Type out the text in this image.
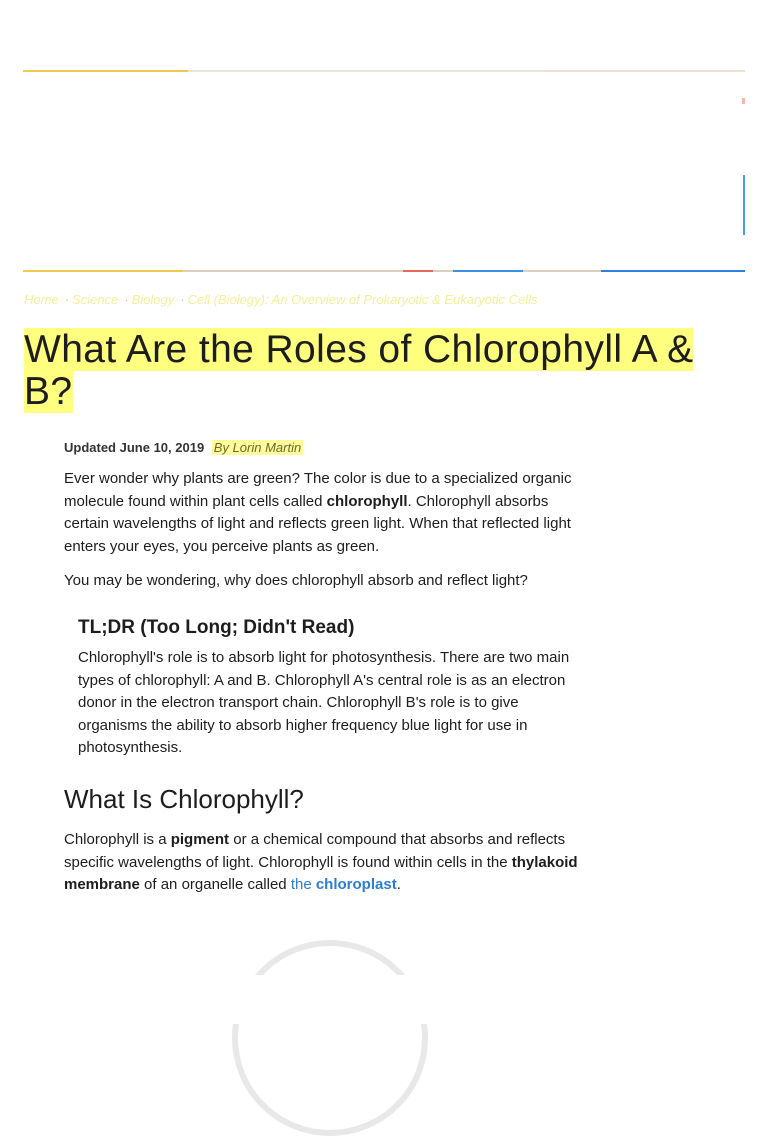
Home · Science · Biology · Cell (Biology): An Overview of Prokaryotic & Eukaryotic Cells
What Are the Roles of Chlorophyll A & B?
Updated June 10, 2019 By Lorin Martin

Ever wonder why plants are green? The color is due to a specialized organic molecule found within plant cells called chlorophyll. Chlorophyll absorbs certain wavelengths of light and reflects green light. When that reflected light enters your eyes, you perceive plants as green.

You may be wondering, why does chlorophyll absorb and reflect light?

TL;DR (Too Long; Didn't Read)

Chlorophyll's role is to absorb light for photosynthesis. There are two main types of chlorophyll: A and B. Chlorophyll A's central role is as an electron donor in the electron transport chain. Chlorophyll B's role is to give organisms the ability to absorb higher frequency blue light for use in photosynthesis.

What Is Chlorophyll?

Chlorophyll is a pigment or a chemical compound that absorbs and reflects specific wavelengths of light. Chlorophyll is found within cells in the thylakoid membrane of an organelle called the chloroplast.
